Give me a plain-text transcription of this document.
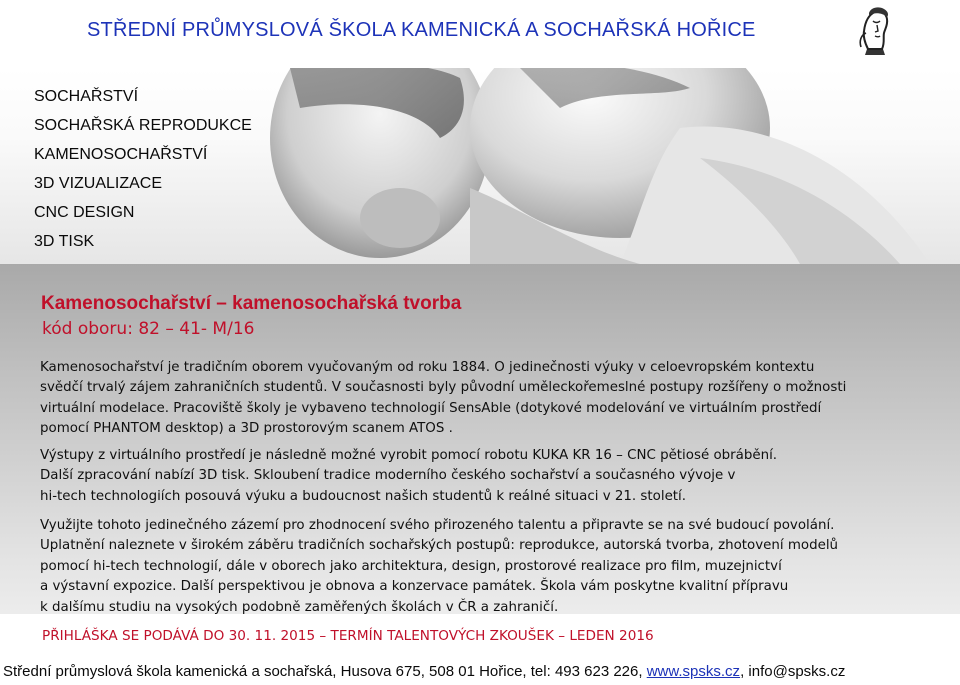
STŘEDNÍ PRŮMYSLOVÁ ŠKOLA KAMENICKÁ A SOCHAŘSKÁ HOŘICE
SOCHAŘSTVÍ
SOCHAŘSKÁ REPRODUKCE
KAMENOSOCHAŘSTVÍ
3D VIZUALIZACE
CNC DESIGN
3D TISK
Kamenosochařství – kamenosochařská tvorba
kód oboru: 82 – 41- M/16
Kamenosochařství je tradičním oborem vyučovaným od roku 1884. O jedinečnosti výuky v celoevropském kontextu
svědčí trvalý zájem zahraničních studentů. V současnosti byly původní uměleckořemeslné postupy rozšířeny o možnosti
virtuální modelace. Pracoviště školy je vybaveno technologií SensAble (dotykové modelování ve virtuálním prostředí
pomocí PHANTOM desktop) a 3D prostorovým scanem ATOS .
Výstupy z virtuálního prostředí je následně možné vyrobit pomocí robotu KUKA KR 16 – CNC pětiosé obrábění.
Další zpracování nabízí 3D tisk. Skloubení tradice moderního českého sochařství a současného vývoje v
hi-tech technologiích posouvá výuku a budoucnost našich studentů k reálné situaci v 21. století.
Využijte tohoto jedinečného zázemí pro zhodnocení svého přirozeného talentu a připravte se na své budoucí povolání.
Uplatnění naleznete v širokém záběru tradičních sochařských postupů: reprodukce, autorská tvorba, zhotovení modelů
pomocí hi-tech technologií, dále v oborech jako architektura, design, prostorové realizace pro film, muzejnictví
a výstavní expozice. Další perspektivou je obnova a konzervace památek. Škola vám poskytne kvalitní přípravu
k dalšímu studiu na vysokých podobně zaměřených školách v ČR a zahraničí.
PŘIHLÁŠKA SE PODÁVÁ DO 30. 11. 2015 – TERMÍN TALENTOVÝCH ZKOUŠEK – LEDEN 2016
Střední průmyslová škola kamenická a sochařská, Husova 675, 508 01 Hořice, tel: 493 623 226, www.spsks.cz, info@spsks.cz
